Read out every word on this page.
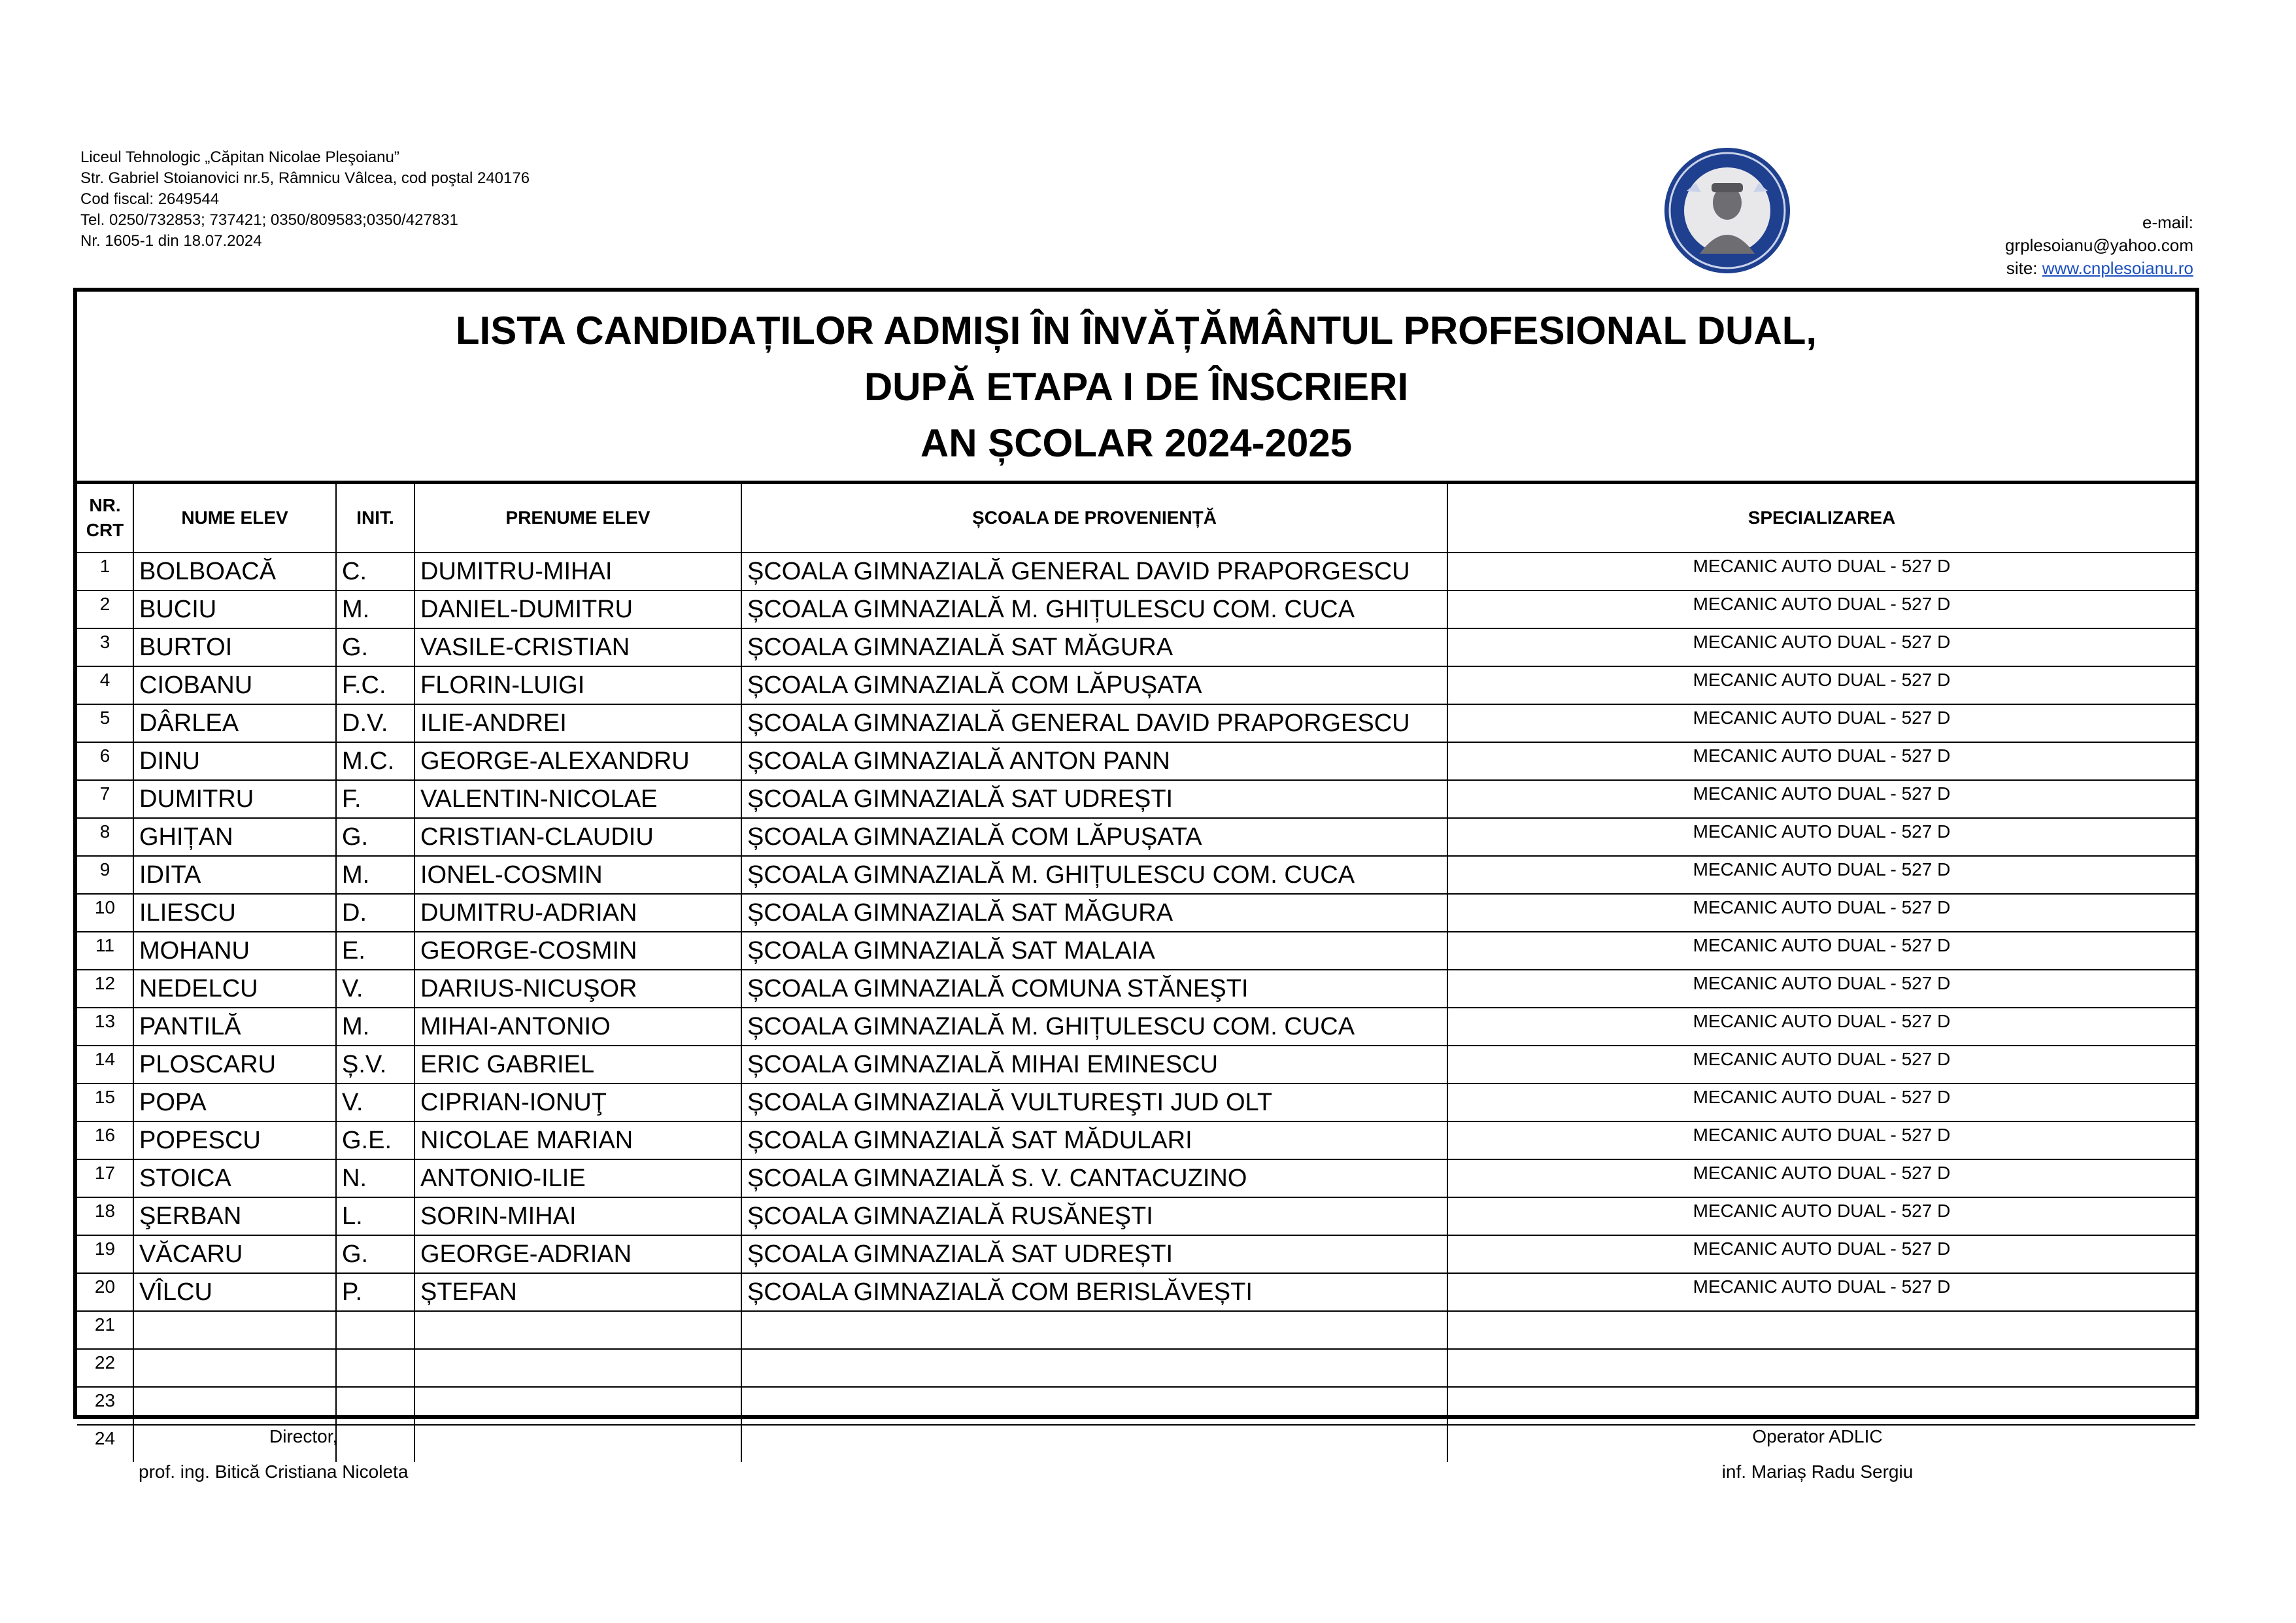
Liceul Tehnologic „Căpitan Nicolae Pleşoianu”
Str. Gabriel Stoianovici nr.5, Râmnicu Vâlcea, cod poştal 240176
Cod fiscal: 2649544
Tel. 0250/732853; 737421; 0350/809583;0350/427831
Nr. 1605-1 din 18.07.2024
e-mail:
grplesoianu@yahoo.com
site: www.cnplesoianu.ro
LISTA CANDIDAȚILOR ADMIȘI ÎN ÎNVĂȚĂMÂNTUL PROFESIONAL DUAL,
DUPĂ ETAPA I DE ÎNSCRIERI
AN ȘCOLAR 2024-2025
NR.
CRT	NUME ELEV	INIT.	PRENUME ELEV	ȘCOALA DE PROVENIENȚĂ	SPECIALIZAREA
1	BOLBOACĂ	C.	DUMITRU-MIHAI	ȘCOALA GIMNAZIALĂ GENERAL DAVID PRAPORGESCU	MECANIC AUTO DUAL - 527 D
2	BUCIU	M.	DANIEL-DUMITRU	ȘCOALA GIMNAZIALĂ M. GHIȚULESCU COM. CUCA	MECANIC AUTO DUAL - 527 D
3	BURTOI	G.	VASILE-CRISTIAN	ȘCOALA GIMNAZIALĂ SAT MĂGURA	MECANIC AUTO DUAL - 527 D
4	CIOBANU	F.C.	FLORIN-LUIGI	ȘCOALA GIMNAZIALĂ COM LĂPUȘATA	MECANIC AUTO DUAL - 527 D
5	DÂRLEA	D.V.	ILIE-ANDREI	ȘCOALA GIMNAZIALĂ GENERAL DAVID PRAPORGESCU	MECANIC AUTO DUAL - 527 D
6	DINU	M.C.	GEORGE-ALEXANDRU	ȘCOALA GIMNAZIALĂ ANTON PANN	MECANIC AUTO DUAL - 527 D
7	DUMITRU	F.	VALENTIN-NICOLAE	ȘCOALA GIMNAZIALĂ SAT UDREȘTI	MECANIC AUTO DUAL - 527 D
8	GHIȚAN	G.	CRISTIAN-CLAUDIU	ȘCOALA GIMNAZIALĂ COM LĂPUȘATA	MECANIC AUTO DUAL - 527 D
9	IDITA	M.	IONEL-COSMIN	ȘCOALA GIMNAZIALĂ M. GHIȚULESCU COM. CUCA	MECANIC AUTO DUAL - 527 D
10	ILIESCU	D.	DUMITRU-ADRIAN	ȘCOALA GIMNAZIALĂ SAT MĂGURA	MECANIC AUTO DUAL - 527 D
11	MOHANU	E.	GEORGE-COSMIN	ȘCOALA GIMNAZIALĂ SAT MALAIA	MECANIC AUTO DUAL - 527 D
12	NEDELCU	V.	DARIUS-NICUŞOR	ȘCOALA GIMNAZIALĂ COMUNA STĂNEŞTI	MECANIC AUTO DUAL - 527 D
13	PANTILĂ	M.	MIHAI-ANTONIO	ȘCOALA GIMNAZIALĂ M. GHIȚULESCU COM. CUCA	MECANIC AUTO DUAL - 527 D
14	PLOSCARU	Ș.V.	ERIC GABRIEL	ȘCOALA GIMNAZIALĂ MIHAI EMINESCU	MECANIC AUTO DUAL - 527 D
15	POPA	V.	CIPRIAN-IONUŢ	ȘCOALA GIMNAZIALĂ VULTUREŞTI JUD OLT	MECANIC AUTO DUAL - 527 D
16	POPESCU	G.E.	NICOLAE MARIAN	ȘCOALA GIMNAZIALĂ SAT MĂDULARI	MECANIC AUTO DUAL - 527 D
17	STOICA	N.	ANTONIO-ILIE	ȘCOALA GIMNAZIALĂ S. V. CANTACUZINO	MECANIC AUTO DUAL - 527 D
18	ŞERBAN	L.	SORIN-MIHAI	ȘCOALA GIMNAZIALĂ RUSĂNEŞTI	MECANIC AUTO DUAL - 527 D
19	VĂCARU	G.	GEORGE-ADRIAN	ȘCOALA GIMNAZIALĂ SAT UDREȘTI	MECANIC AUTO DUAL - 527 D
20	VÎLCU	P.	ȘTEFAN	ȘCOALA GIMNAZIALĂ COM BERISLĂVEȘTI	MECANIC AUTO DUAL - 527 D
21					
22					
23					
24						Director,
prof. ing. Bitică Cristiana Nicoleta
Operator ADLIC
inf. Mariaș Radu Sergiu
